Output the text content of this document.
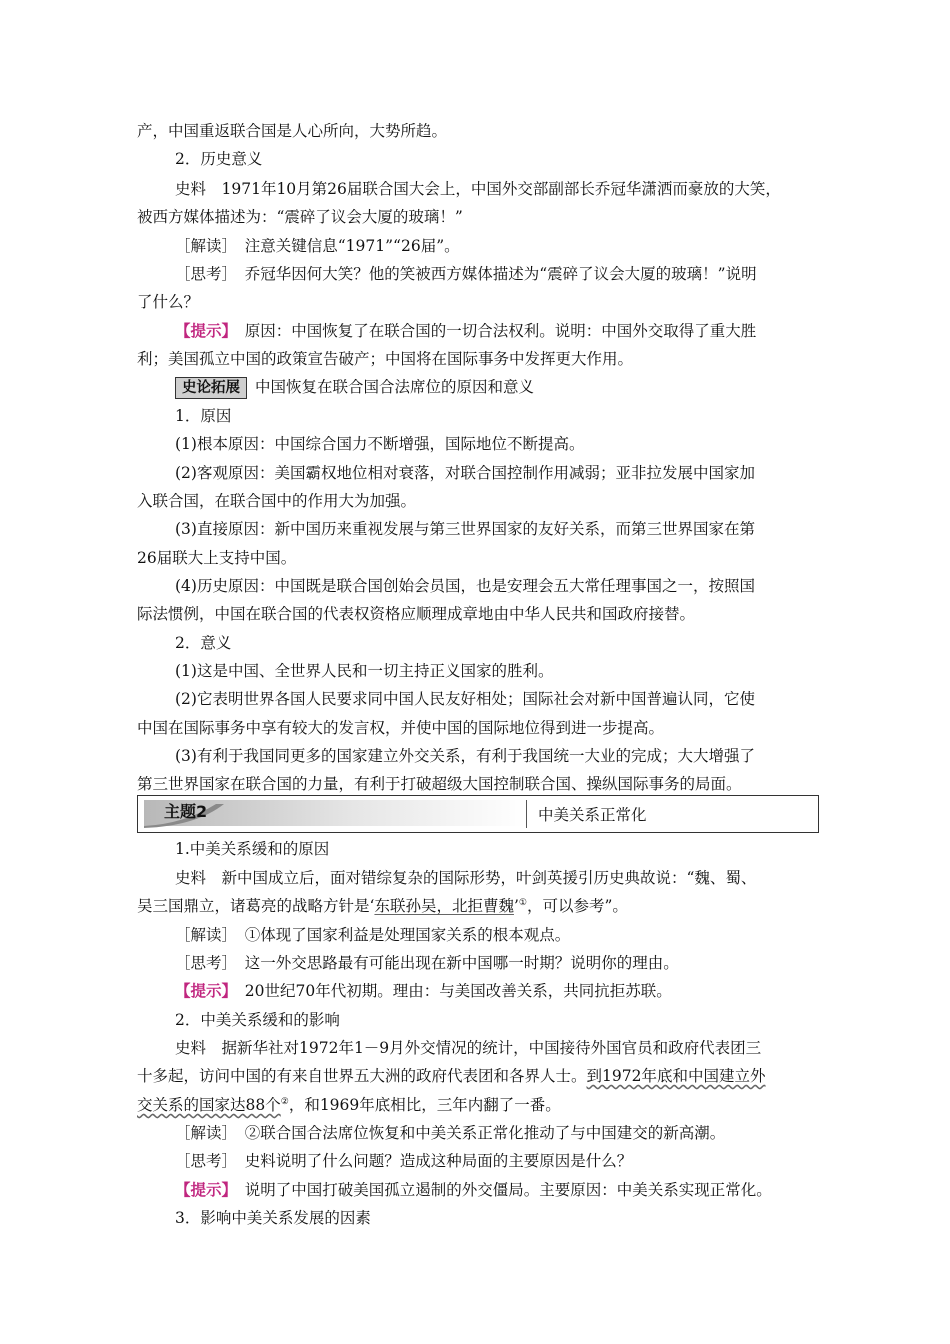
产，中国重返联合国是人心所向，大势所趋。
2．历史意义
史料　1971年10月第26届联合国大会上，中国外交部副部长乔冠华潇洒而豪放的大笑，
被西方媒体描述为：“震碎了议会大厦的玻璃！”
［解读］　注意关键信息“1971”“26届”。
［思考］　乔冠华因何大笑？他的笑被西方媒体描述为“震碎了议会大厦的玻璃！”说明
了什么？
【提示】　原因：中国恢复了在联合国的一切合法权利。说明：中国外交取得了重大胜
利；美国孤立中国的政策宣告破产；中国将在国际事务中发挥更大作用。
史论拓展 中国恢复在联合国合法席位的原因和意义
1．原因
(1)根本原因：中国综合国力不断增强，国际地位不断提高。
(2)客观原因：美国霸权地位相对衰落，对联合国控制作用减弱；亚非拉发展中国家加
入联合国，在联合国中的作用大为加强。
(3)直接原因：新中国历来重视发展与第三世界国家的友好关系，而第三世界国家在第
26届联大上支持中国。
(4)历史原因：中国既是联合国创始会员国，也是安理会五大常任理事国之一，按照国
际法惯例，中国在联合国的代表权资格应顺理成章地由中华人民共和国政府接替。
2．意义
(1)这是中国、全世界人民和一切主持正义国家的胜利。
(2)它表明世界各国人民要求同中国人民友好相处；国际社会对新中国普遍认同，它使
中国在国际事务中享有较大的发言权，并使中国的国际地位得到进一步提高。
(3)有利于我国同更多的国家建立外交关系，有利于我国统一大业的完成；大大增强了
第三世界国家在联合国的力量，有利于打破超级大国控制联合国、操纵国际事务的局面。
主题2	中美关系正常化
1.中美关系缓和的原因
史料　新中国成立后，面对错综复杂的国际形势，叶剑英援引历史典故说：“魏、蜀、
吴三国鼎立，诸葛亮的战略方针是‘东联孙吴，北拒曹魏’①，可以参考”。
［解读］　①体现了国家利益是处理国家关系的根本观点。
［思考］　这一外交思路最有可能出现在新中国哪一时期？说明你的理由。
【提示】　20世纪70年代初期。理由：与美国改善关系，共同抗拒苏联。
2．中美关系缓和的影响
史料　据新华社对1972年1－9月外交情况的统计，中国接待外国官员和政府代表团三
十多起，访问中国的有来自世界五大洲的政府代表团和各界人士。到1972年底和中国建立外
交关系的国家达88个②，和1969年底相比，三年内翻了一番。
［解读］　②联合国合法席位恢复和中美关系正常化推动了与中国建交的新高潮。
［思考］　史料说明了什么问题？造成这种局面的主要原因是什么？
【提示】　说明了中国打破美国孤立遏制的外交僵局。主要原因：中美关系实现正常化。
3．影响中美关系发展的因素
